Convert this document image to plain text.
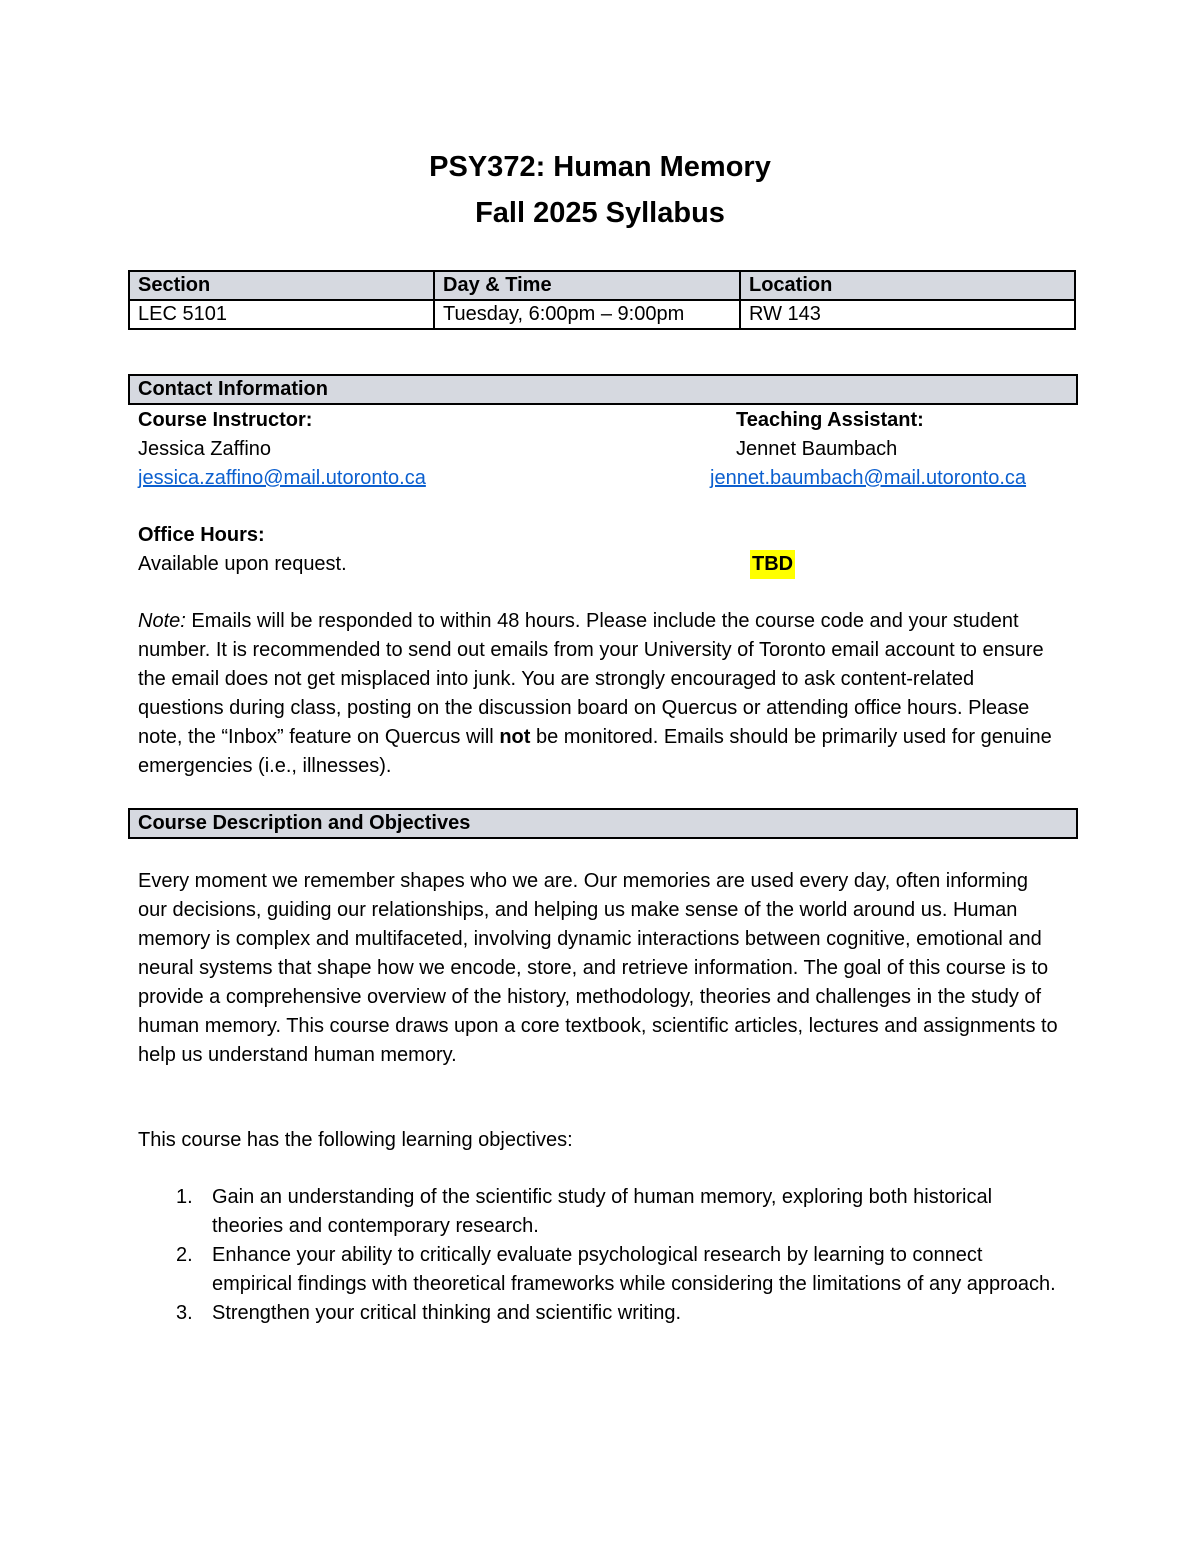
PSY372: Human Memory
Fall 2025 Syllabus
Section	Day & Time	Location
LEC 5101	Tuesday, 6:00pm – 9:00pm	RW 143
Contact Information
Course Instructor:
Jessica Zaffino
jessica.zaffino@mail.utoronto.ca
Teaching Assistant:
Jennet Baumbach
jennet.baumbach@mail.utoronto.ca
Office Hours:
Available upon request.	TBD

Note: Emails will be responded to within 48 hours. Please include the course code and your student number. It is recommended to send out emails from your University of Toronto email account to ensure the email does not get misplaced into junk. You are strongly encouraged to ask content-related questions during class, posting on the discussion board on Quercus or attending office hours. Please note, the “Inbox” feature on Quercus will not be monitored. Emails should be primarily used for genuine emergencies (i.e., illnesses).

Course Description and Objectives

Every moment we remember shapes who we are. Our memories are used every day, often informing our decisions, guiding our relationships, and helping us make sense of the world around us. Human memory is complex and multifaceted, involving dynamic interactions between cognitive, emotional and neural systems that shape how we encode, store, and retrieve information. The goal of this course is to provide a comprehensive overview of the history, methodology, theories and challenges in the study of human memory. This course draws upon a core textbook, scientific articles, lectures and assignments to help us understand human memory.

This course has the following learning objectives:

1. Gain an understanding of the scientific study of human memory, exploring both historical theories and contemporary research.
2. Enhance your ability to critically evaluate psychological research by learning to connect empirical findings with theoretical frameworks while considering the limitations of any approach.
3. Strengthen your critical thinking and scientific writing.
